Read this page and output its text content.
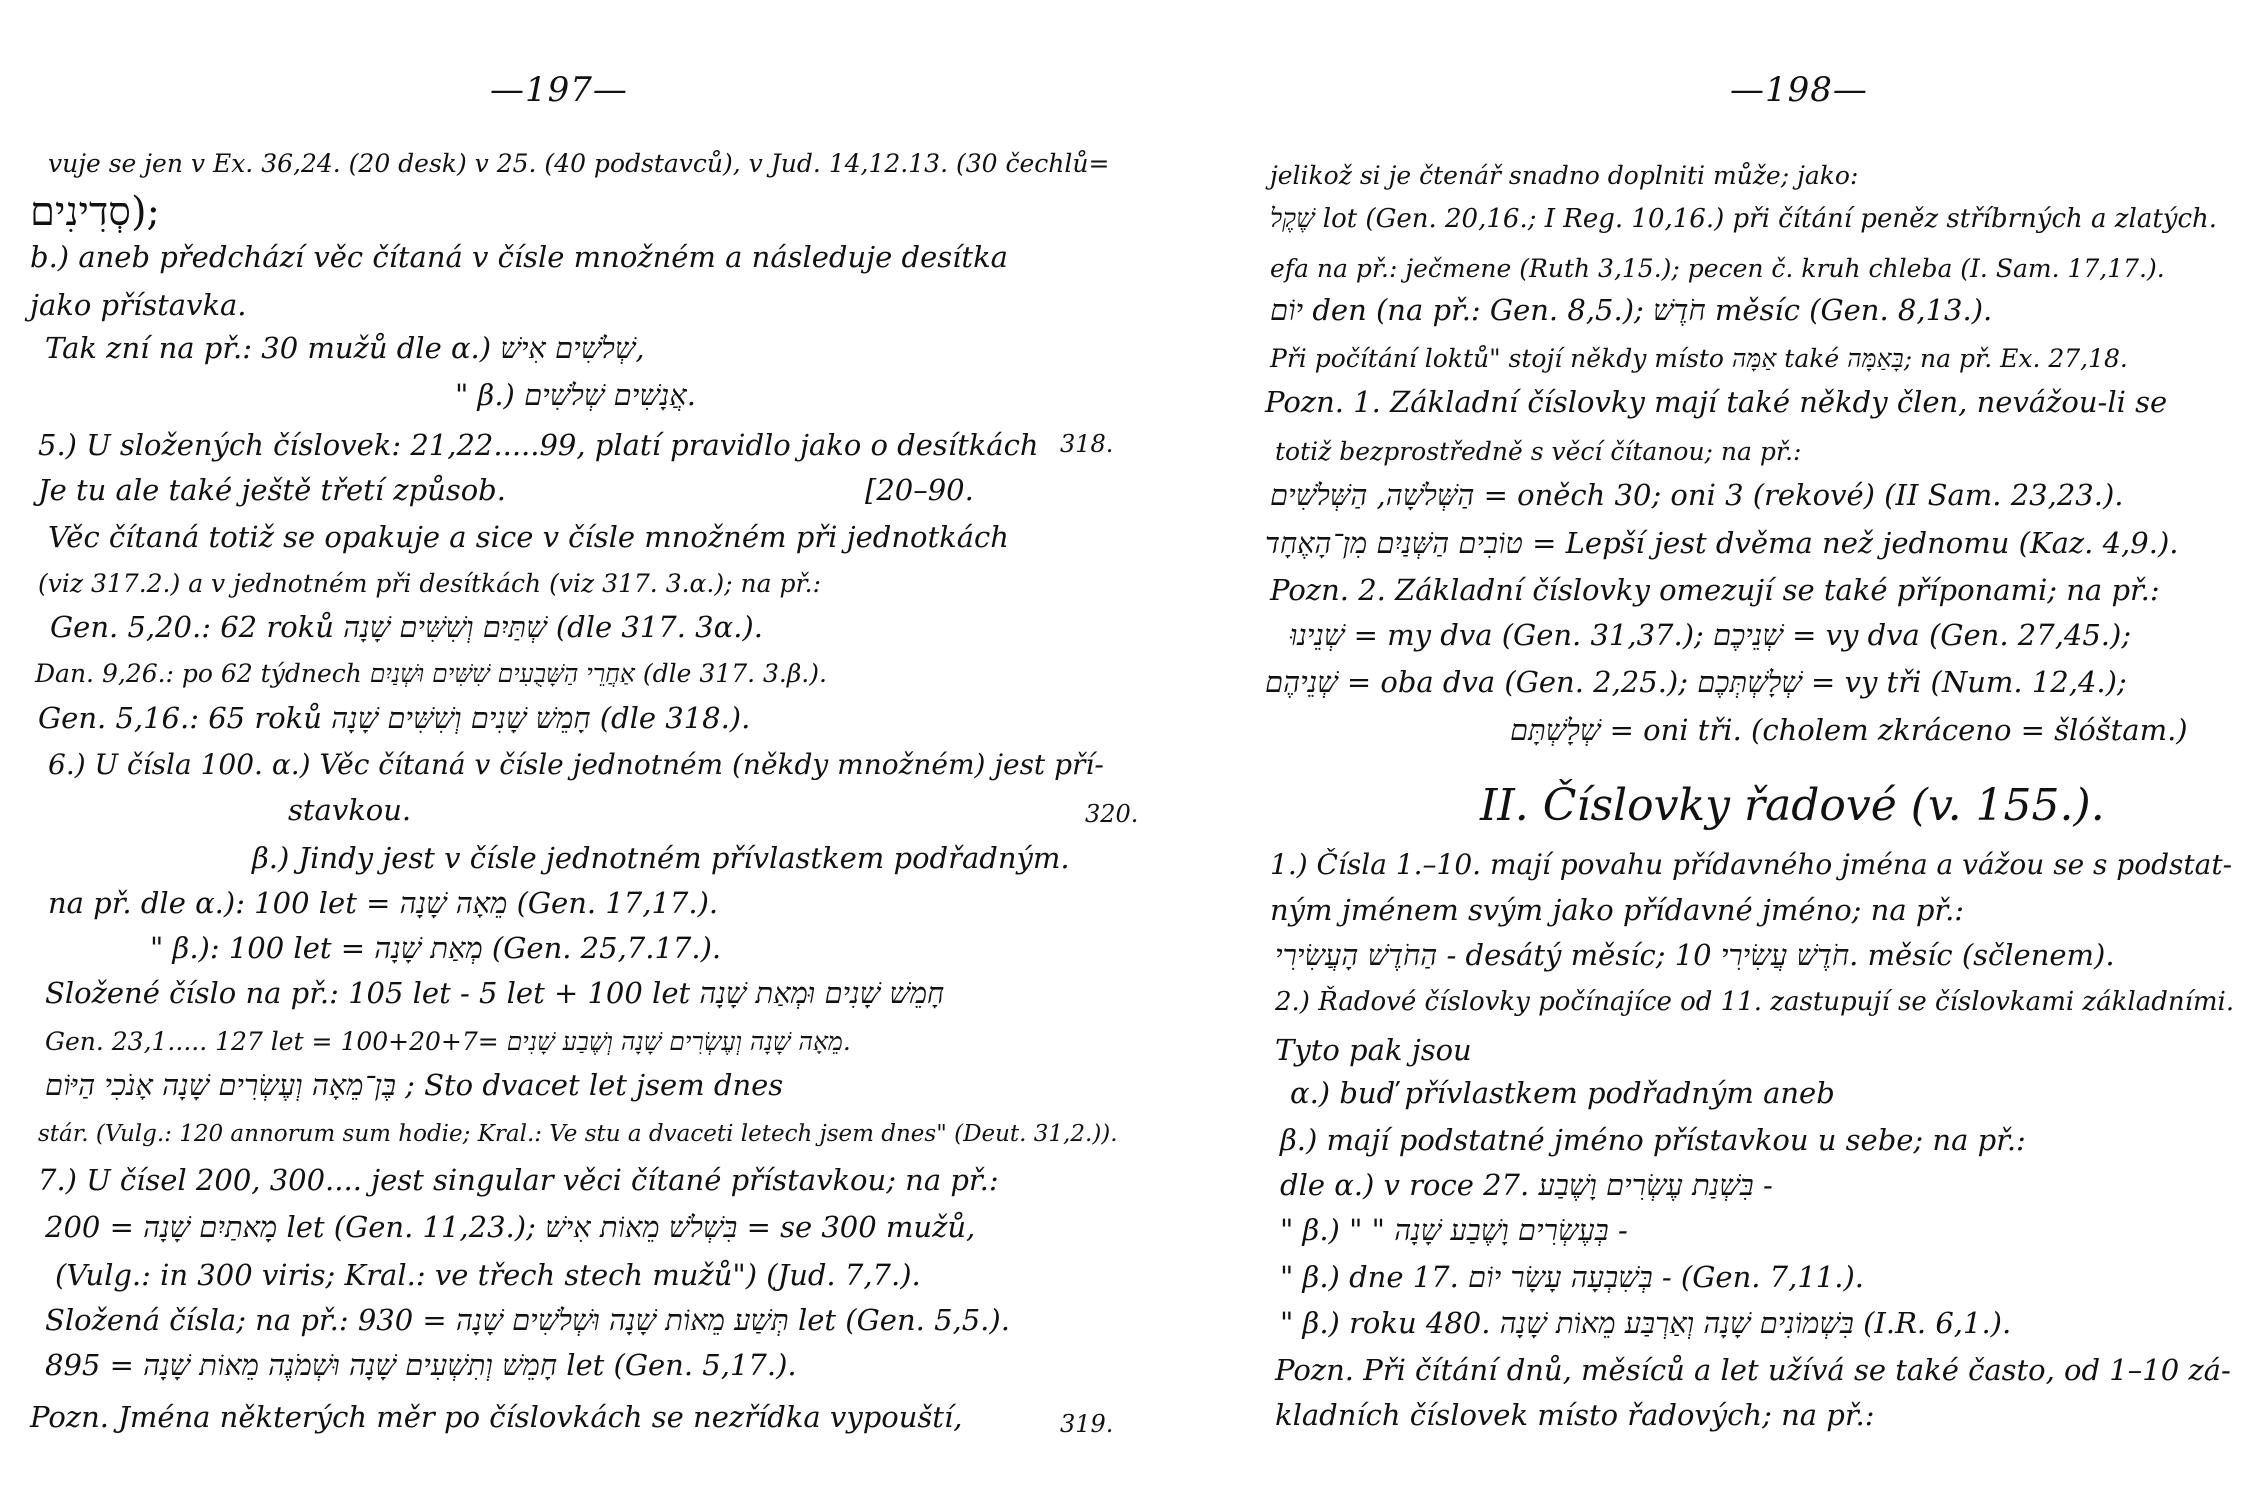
—197—
vuje se jen v Ex. 36,24. (20 desk) v 25. (40 podstavců), v Jud. 14,12.13. (30 čechlů=
סְדִינִים);
b.) aneb předchází věc čítaná v čísle množném a následuje desítka
jako přístavka.
Tak zní na př.: 30 mužů dle α.) שְׁלֹשִׁים אִישׁ,
" β.) אֲנָשִׁים שְׁלֹשִׁים.
5.) U složených číslovek: 21,22.....99, platí pravidlo jako o desítkách
Je tu ale také ještě třetí způsob.	[20–90.
Věc čítaná totiž se opakuje a sice v čísle množném při jednotkách
(viz 317.2.) a v jednotném při desítkách (viz 317. 3.α.); na př.:
Gen. 5,20.: 62 roků שְׁתַּיִם וְשִׁשִּׁים שָׁנָה (dle 317. 3α.).
Dan. 9,26.: po 62 týdnech אַחֲרֵי הַשָּׁבֻעִים שִׁשִּׁים וּשְׁנַיִם (dle 317. 3.β.).
Gen. 5,16.: 65 roků חָמֵשׁ שָׁנִים וְשִׁשִּׁים שָׁנָה (dle 318.).
6.) U čísla 100. α.) Věc čítaná v čísle jednotném (někdy množném) jest pří-
stavkou.
β.) Jindy jest v čísle jednotném přívlastkem podřadným.
na př. dle α.): 100 let = מֵאָה שָׁנָה (Gen. 17,17.).
" β.): 100 let = מְאַת שָׁנָה (Gen. 25,7.17.).
Složené číslo na př.: 105 let - 5 let + 100 let חָמֵשׁ שָׁנִים וּמְאַת שָׁנָה
Gen. 23,1..... 127 let = מֵאָה שָׁנָה וְעֶשְׂרִים שָׁנָה וְשֶׁבַע שָׁנִים =100+20+7.
בֶּן־מֵאָה וְעֶשְׂרִים שָׁנָה אָנֹכִי הַיּוֹם ; Sto dvacet let jsem dnes
stár. (Vulg.: 120 annorum sum hodie; Kral.: Ve stu a dvaceti letech jsem dnes" (Deut. 31,2.)).
7.) U čísel 200, 300.... jest singular věci čítané přístavkou; na př.:
מָאתַיִם שָׁנָה = 200 let (Gen. 11,23.); בִּשְׁלֹשׁ מֵאוֹת אִישׁ = se 300 mužů,
(Vulg.: in 300 viris; Kral.: ve třech stech mužů") (Jud. 7,7.).
Složená čísla; na př.: תְּשַׁע מֵאוֹת שָׁנָה וּשְׁלֹשִׁים שָׁנָה = 930 let (Gen. 5,5.).
חָמֵשׁ וְתִשְׁעִים שָׁנָה וּשְׁמֹנֶה מֵאוֹת שָׁנָה = 895 let (Gen. 5,17.).
Pozn. Jména některých měr po číslovkách se nezřídka vypouští,
318.
320.
319.
—198—
jelikož si je čtenář snadno doplniti může; jako:
שֶׁקֶל lot (Gen. 20,16.; I Reg. 10,16.) při čítání peněz stříbrných a zlatých.
efa na př.: ječmene (Ruth 3,15.); pecen č. kruh chleba (I. Sam. 17,17.).
יוֹם den (na př.: Gen. 8,5.); חֹדֶשׁ měsíc (Gen. 8,13.).
Při počítání loktů" stojí někdy místo אַמָּה také בָּאַמָּה; na př. Ex. 27,18.
Pozn. 1. Základní číslovky mají také někdy člen, nevážou-li se
totiž bezprostředně s věcí čítanou; na př.:
הַשְּׁלֹשָׁה, הַשְּׁלֹשִׁים = oněch 30; oni 3 (rekové) (II Sam. 23,23.).
טוֹבִים הַשְּׁנַיִם מִן־הָאֶחָד = Lepší jest dvěma než jednomu (Kaz. 4,9.).
Pozn. 2. Základní číslovky omezují se také příponami; na př.:
שְׁנֵינוּ = my dva (Gen. 31,37.); שְׁנֵיכֶם = vy dva (Gen. 27,45.);
שְׁנֵיהֶם = oba dva (Gen. 2,25.); שְׁלָשְׁתְּכֶם = vy tři (Num. 12,4.);
שְׁלָשְׁתָּם = oni tři. (cholem zkráceno = šlóštam.)
II. Číslovky řadové (v. 155.).
1.) Čísla 1.–10. mají povahu přídavného jména a vážou se s podstat-
ným jménem svým jako přídavné jméno; na př.:
הַחֹדֶשׁ הָעֲשִׂירִי - desátý měsíc; חֹדֶשׁ עֲשִׂירִי 10. měsíc (sčlenem).
2.) Řadové číslovky počínajíce od 11. zastupují se číslovkami základními.
Tyto pak jsou
α.) buď přívlastkem podřadným aneb
β.) mají podstatné jméno přístavkou u sebe; na př.:
dle α.) v roce 27. בִּשְׁנַת עֶשְׂרִים וָשֶׁבַע -
" β.) " " בְּעֶשְׂרִים וָשֶׁבַע שָׁנָה -
" β.) dne 17. בְּשִׁבְעָה עָשָׂר יוֹם - (Gen. 7,11.).
" β.) roku 480. בִּשְׁמוֹנִים שָׁנָה וְאַרְבַּע מֵאוֹת שָׁנָה (I.R. 6,1.).
Pozn. Při čítání dnů, měsíců a let užívá se také často, od 1–10 zá-
kladních číslovek místo řadových; na př.:
